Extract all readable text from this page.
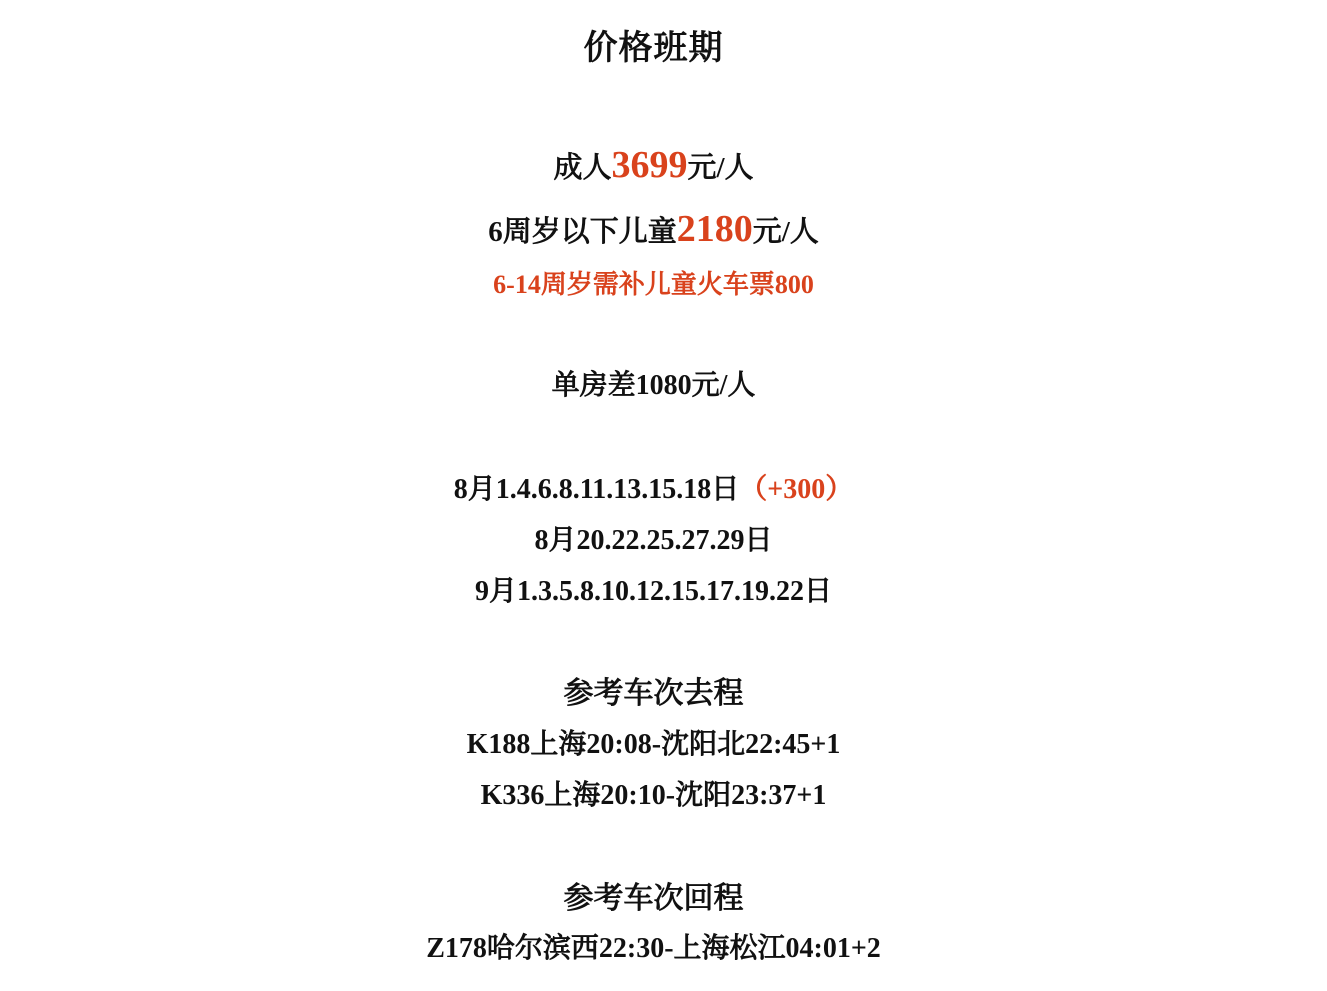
价格班期
成人3699元/人
6周岁以下儿童2180元/人
6-14周岁需补儿童火车票800
单房差1080元/人
8月1.4.6.8.11.13.15.18日（+300）
8月20.22.25.27.29日
9月1.3.5.8.10.12.15.17.19.22日
参考车次去程
K188上海20:08-沈阳北22:45+1
K336上海20:10-沈阳23:37+1
参考车次回程
Z178哈尔滨西22:30-上海松江04:01+2
